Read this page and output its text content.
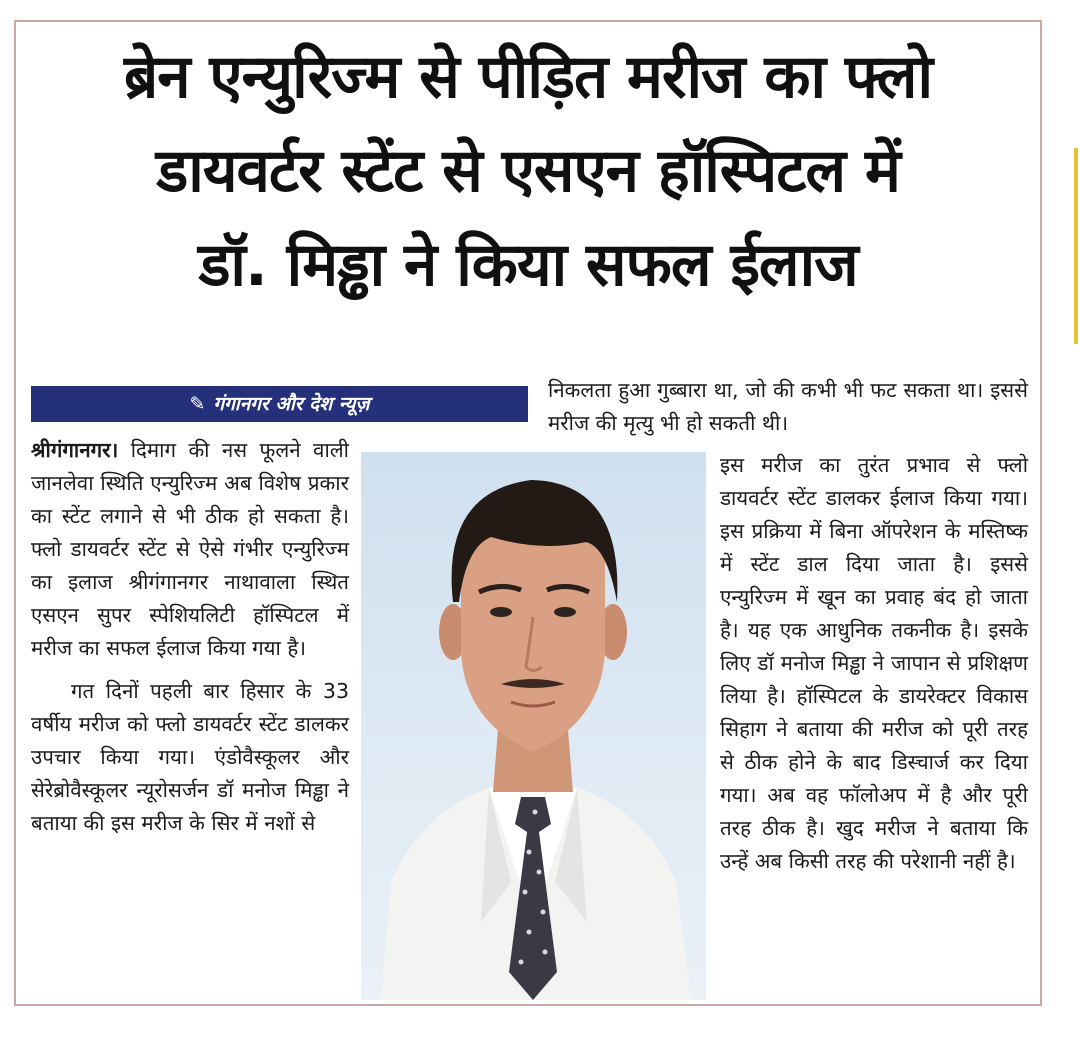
ब्रेन एन्युरिज्म से पीड़ित मरीज का फ्लो
डायवर्टर स्टेंट से एसएन हॉस्पिटल में
डॉ. मिड्ढा ने किया सफल ईलाज
✎ गंगानगर और देश न्यूज़

श्रीगंगानगर। दिमाग की नस फूलने वाली जानलेवा स्थिति एन्युरिज्म अब विशेष प्रकार का स्टेंट लगाने से भी ठीक हो सकता है। फ्लो डायवर्टर स्टेंट से ऐसे गंभीर एन्युरिज्म का इलाज श्रीगंगानगर नाथावाला स्थित एसएन सुपर स्पेशियलिटी हॉस्पिटल में मरीज का सफल ईलाज किया गया है।

गत दिनों पहली बार हिसार के 33 वर्षीय मरीज को फ्लो डायवर्टर स्टेंट डालकर उपचार किया गया। एंडोवैस्कूलर और सेरेब्रोवैस्कूलर न्यूरोसर्जन डॉ मनोज मिड्ढा ने बताया की इस मरीज के सिर में नशों से

निकलता हुआ गुब्बारा था, जो की कभी भी फट सकता था। इससे मरीज की मृत्यु भी हो सकती थी।

इस मरीज का तुरंत प्रभाव से फ्लो डायवर्टर स्टेंट डालकर ईलाज किया गया। इस प्रक्रिया में बिना ऑपरेशन के मस्तिष्क में स्टेंट डाल दिया जाता है। इससे एन्युरिज्म में खून का प्रवाह बंद हो जाता है। यह एक आधुनिक तकनीक है। इसके लिए डॉ मनोज मिड्ढा ने जापान से प्रशिक्षण लिया है। हॉस्पिटल के डायरेक्टर विकास सिहाग ने बताया की मरीज को पूरी तरह से ठीक होने के बाद डिस्चार्ज कर दिया गया। अब वह फॉलोअप में है और पूरी तरह ठीक है। खुद मरीज ने बताया कि उन्हें अब किसी तरह की परेशानी नहीं है।
